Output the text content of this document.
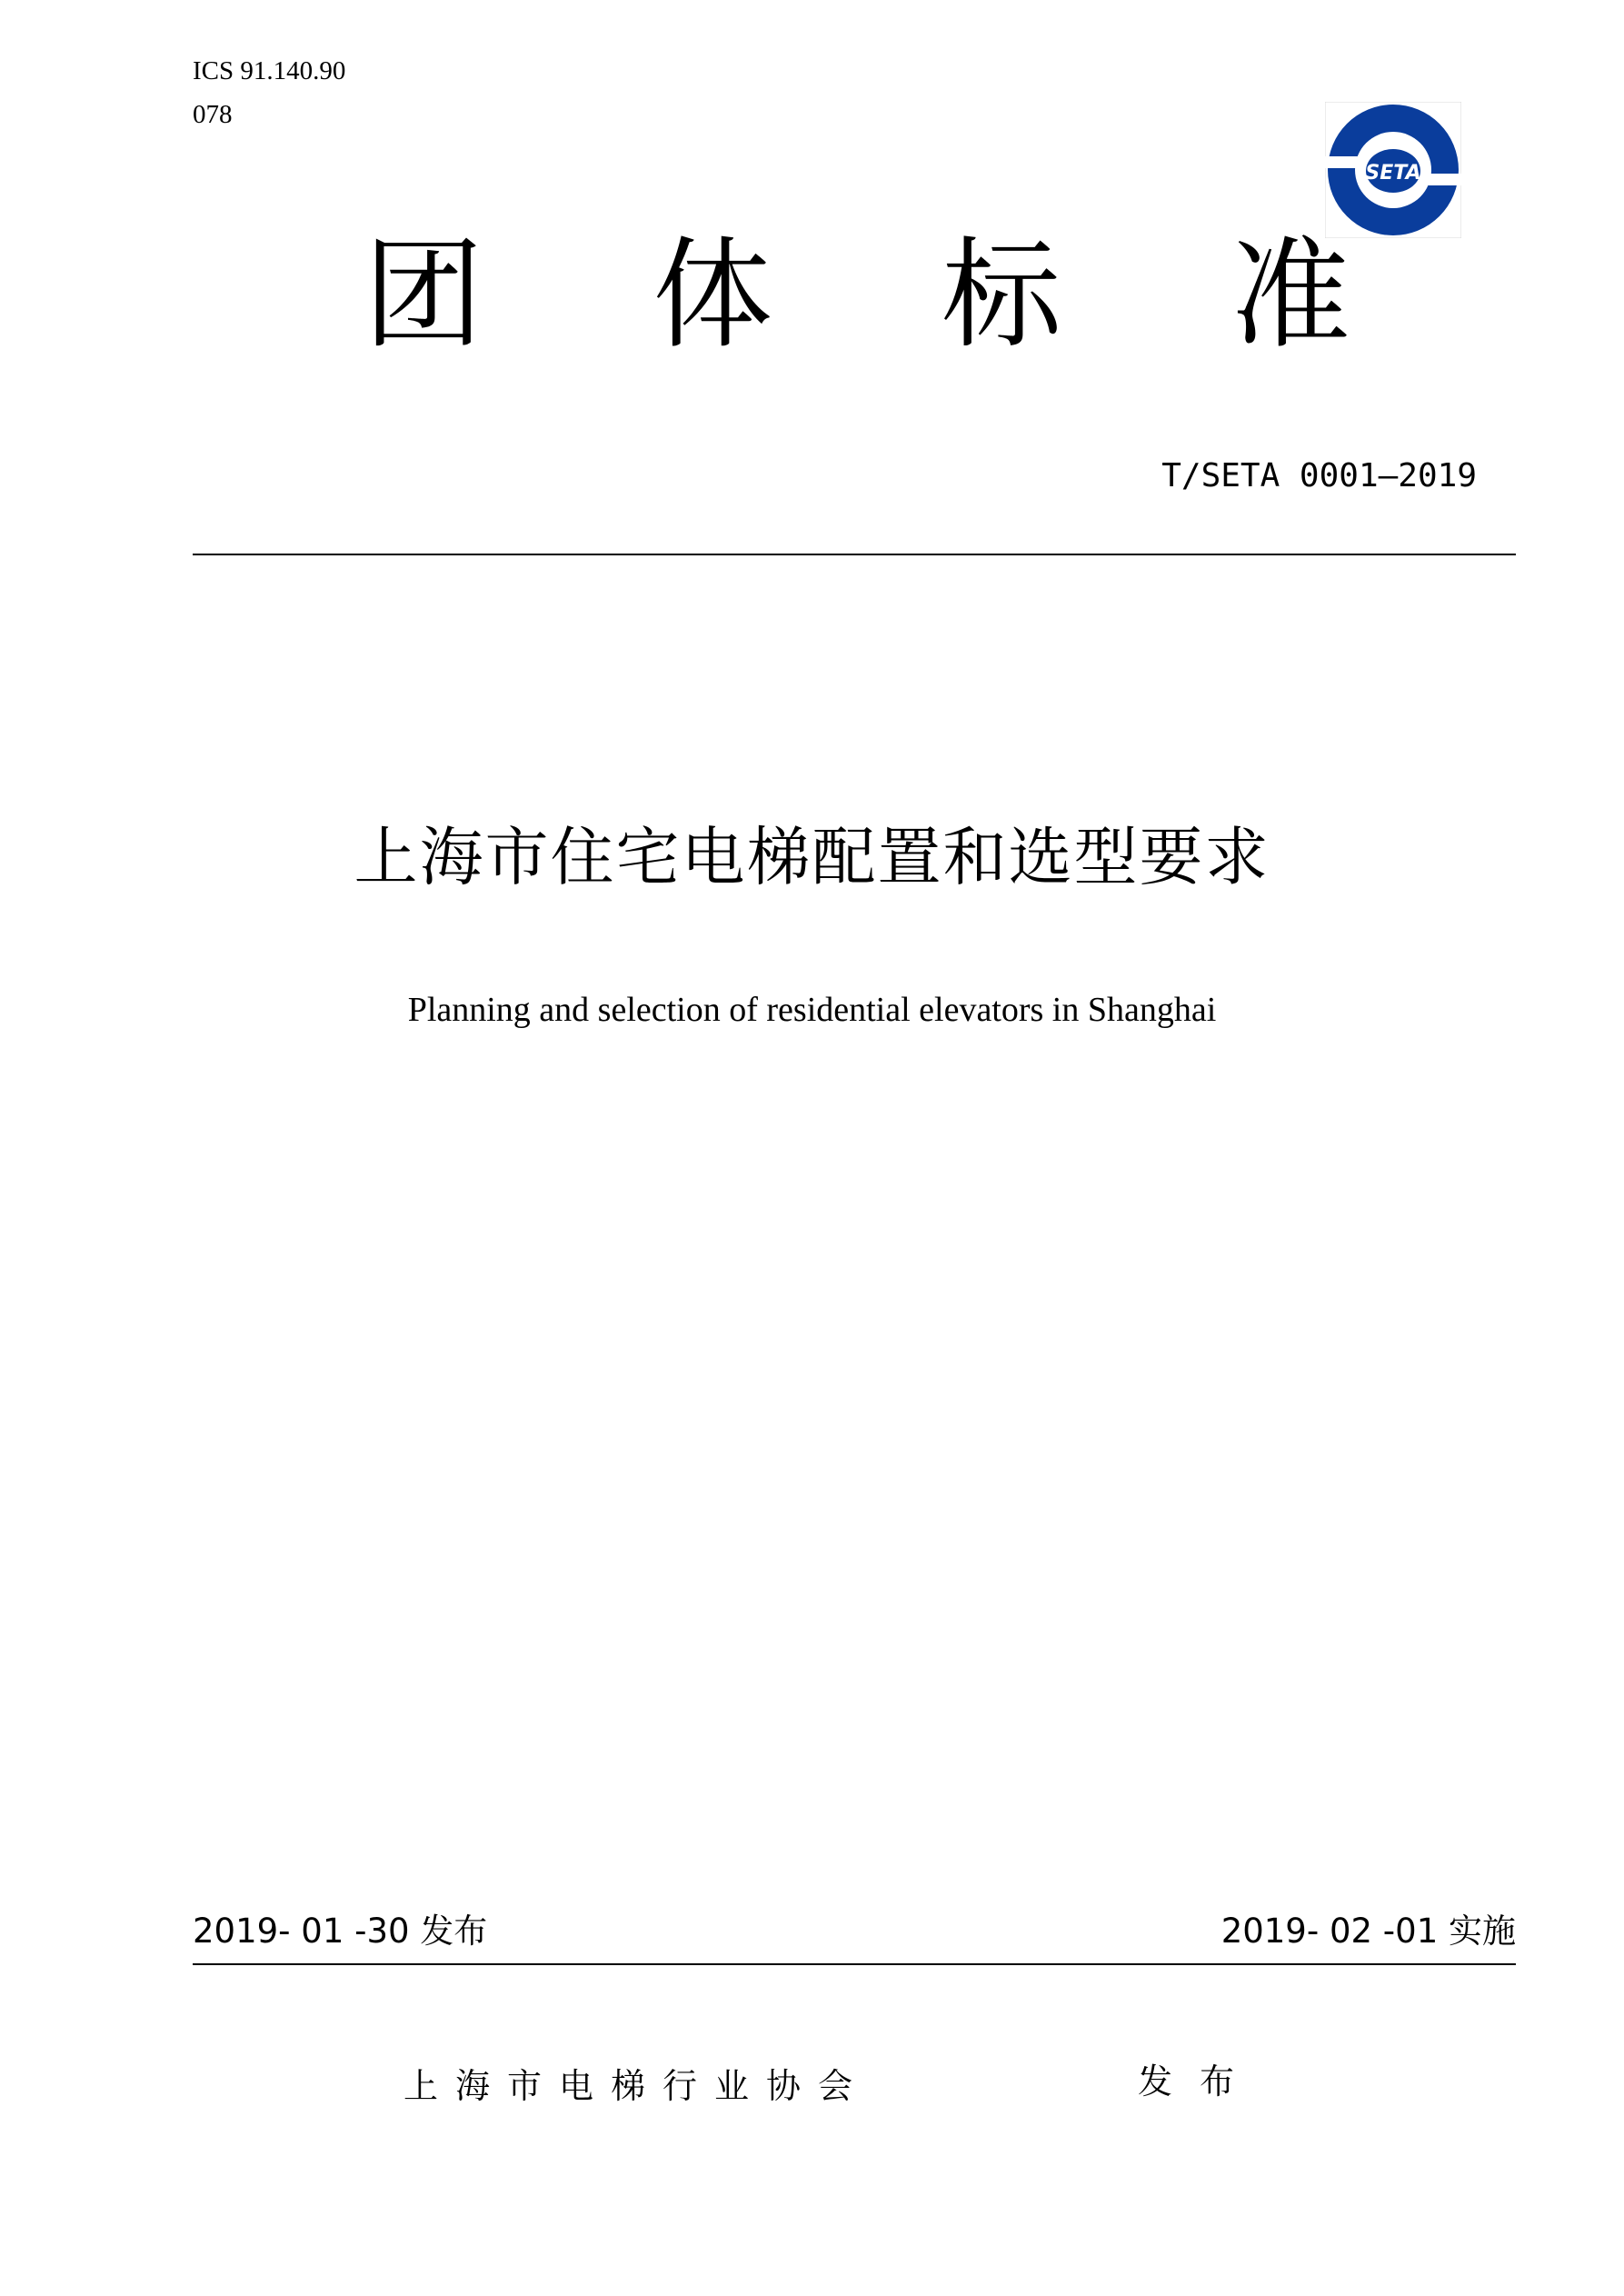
ICS 91.140.90
078
SETA
团 体 标 准
T/SETA 0001—2019
上海市住宅电梯配置和选型要求
Planning and selection of residential elevators in Shanghai
2019- 01 -30 发布	2019- 02 -01 实施
上海市电梯行业协会	发布
